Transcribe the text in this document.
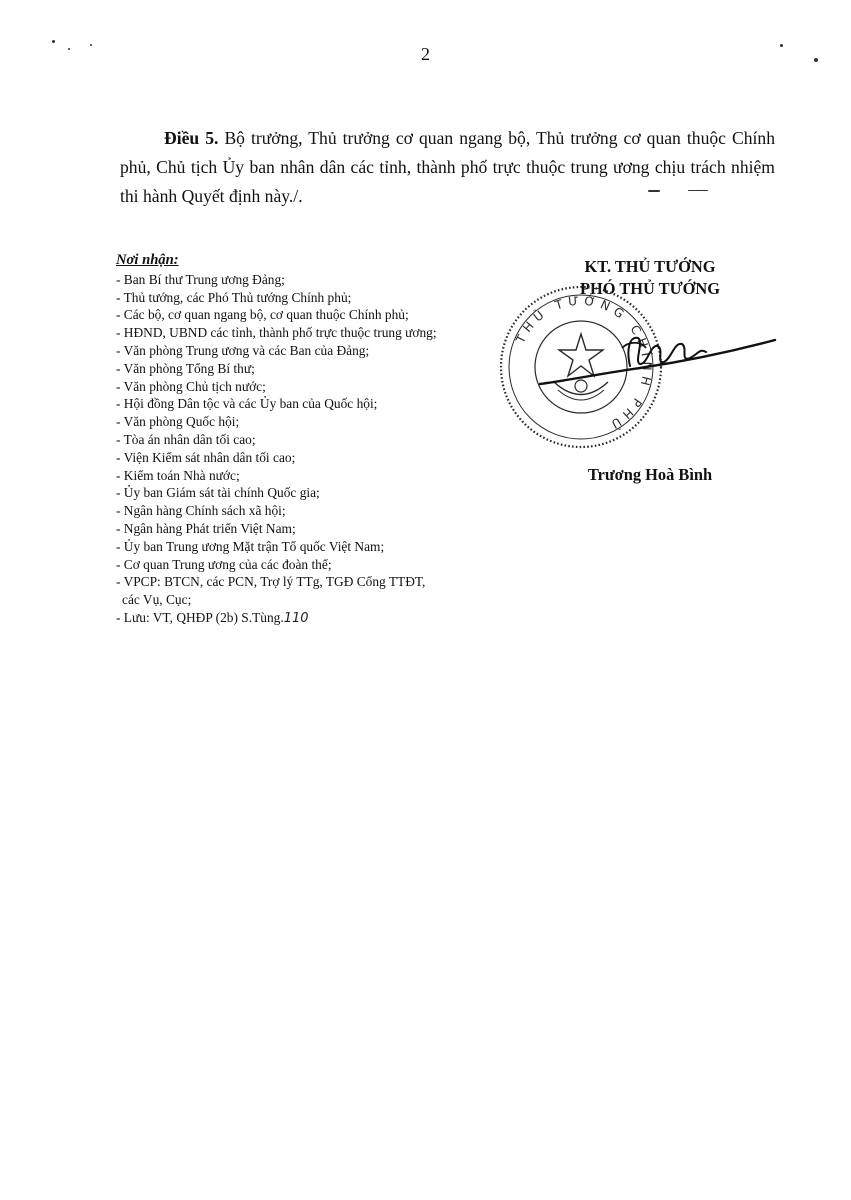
2
Điều 5. Bộ trưởng, Thủ trưởng cơ quan ngang bộ, Thủ trưởng cơ quan thuộc Chính phủ, Chủ tịch Ủy ban nhân dân các tỉnh, thành phố trực thuộc trung ương chịu trách nhiệm thi hành Quyết định này./.
Nơi nhận:
- Ban Bí thư Trung ương Đảng;
- Thủ tướng, các Phó Thủ tướng Chính phủ;
- Các bộ, cơ quan ngang bộ, cơ quan thuộc Chính phủ;
- HĐND, UBND các tỉnh, thành phố trực thuộc trung ương;
- Văn phòng Trung ương và các Ban của Đảng;
- Văn phòng Tổng Bí thư;
- Văn phòng Chủ tịch nước;
- Hội đồng Dân tộc và các Ủy ban của Quốc hội;
- Văn phòng Quốc hội;
- Tòa án nhân dân tối cao;
- Viện Kiểm sát nhân dân tối cao;
- Kiểm toán Nhà nước;
- Ủy ban Giám sát tài chính Quốc gia;
- Ngân hàng Chính sách xã hội;
- Ngân hàng Phát triển Việt Nam;
- Ủy ban Trung ương Mặt trận Tổ quốc Việt Nam;
- Cơ quan Trung ương của các đoàn thể;
- VPCP: BTCN, các PCN, Trợ lý TTg, TGĐ Cổng TTĐT,
các Vụ, Cục;
- Lưu: VT, QHĐP (2b) S.Tùng.110
KT. THỦ TƯỚNG
PHÓ THỦ TƯỚNG
THỦ TƯỚNG CHÍNH PHỦ
Trương Hoà Bình
